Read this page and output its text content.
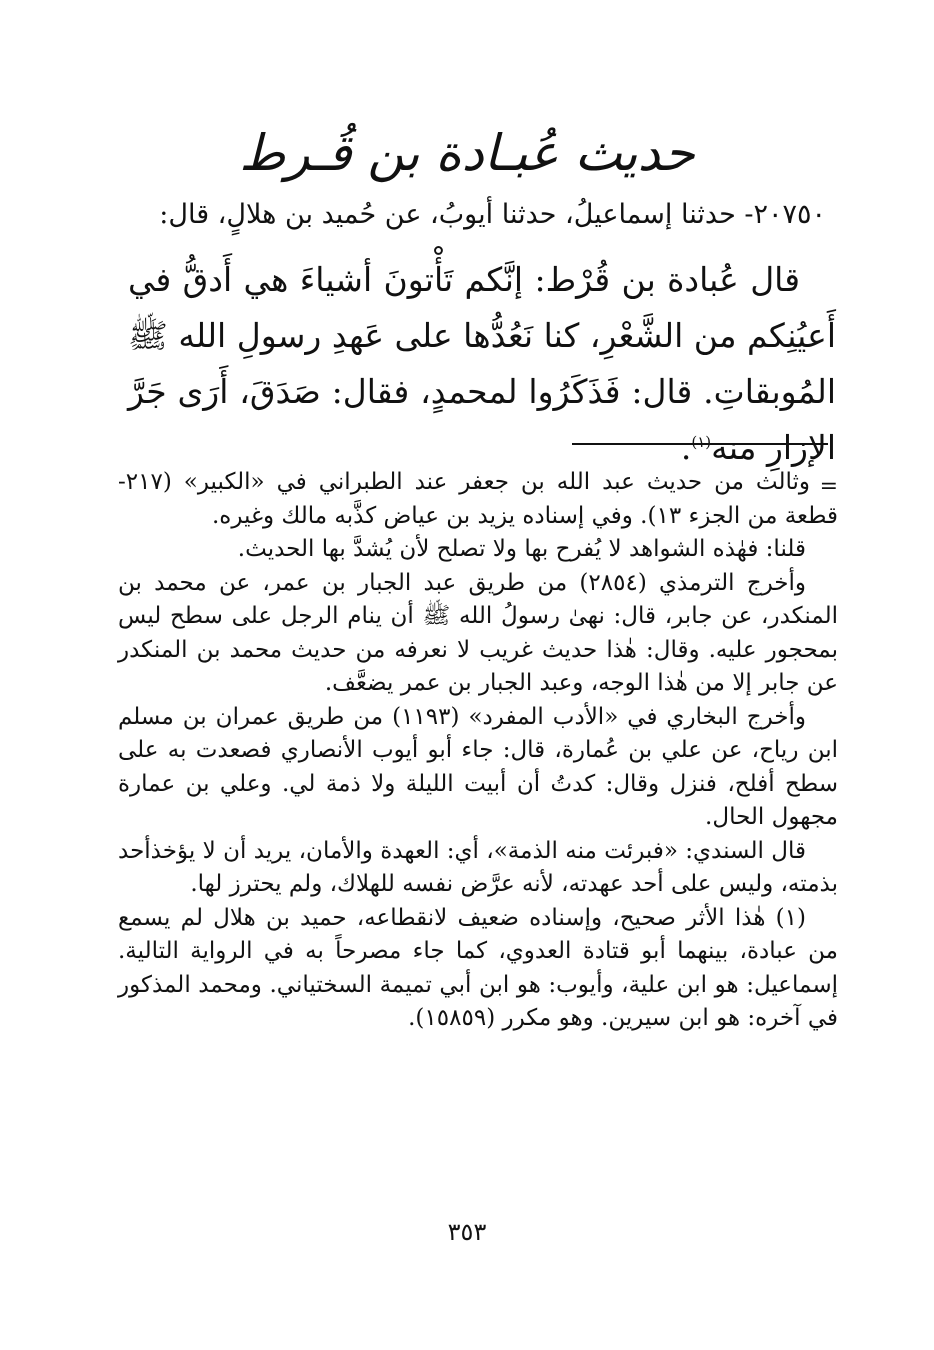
حديث عُبـادة بن قُـرط

٢٠٧٥٠- حدثنا إسماعيلُ، حدثنا أيوبُ، عن حُميد بن هلالٍ، قال:

قال عُبادة بن قُرْط: إنَّكم تَأْتونَ أشياءَ هي أَدقُّ في أَعيُنِكم من الشَّعْرِ، كنا نَعُدُّها على عَهدِ رسولِ الله ﷺ المُوبقاتِ. قال: فَذَكَرُوا لمحمدٍ، فقال: صَدَقَ، أَرَى جَرَّ الإزارِ منه$^{(١)}$.

=
وثالث من حديث عبد الله بن جعفر عند الطبراني في «الكبير» (٢١٧-قطعة من الجزء ١٣). وفي إسناده يزيد بن عياض كذَّبه مالك وغيره.

قلنا: فهٰذه الشواهد لا يُفرح بها ولا تصلح لأن يُشدَّ بها الحديث.

وأخرج الترمذي (٢٨٥٤) من طريق عبد الجبار بن عمر، عن محمد بن المنكدر، عن جابر، قال: نهىٰ رسولُ الله ﷺ أن ينام الرجل على سطح ليس بمحجور عليه. وقال: هٰذا حديث غريب لا نعرفه من حديث محمد بن المنكدر عن جابر إلا من هٰذا الوجه، وعبد الجبار بن عمر يضعَّف.

وأخرج البخاري في «الأدب المفرد» (١١٩٣) من طريق عمران بن مسلم ابن رياح، عن علي بن عُمارة، قال: جاء أبو أيوب الأنصاري فصعدت به على سطح أفلح، فنزل وقال: كدتُ أن أبيت الليلة ولا ذمة لي. وعلي بن عمارة مجهول الحال.

قال السندي: «فبرئت منه الذمة»، أي: العهدة والأمان، يريد أن لا يؤخذأحد بذمته، وليس على أحد عهدته، لأنه عرَّض نفسه للهلاك، ولم يحترز لها.

(١) هٰذا الأثر صحيح، وإسناده ضعيف لانقطاعه، حميد بن هلال لم يسمع من عبادة، بينهما أبو قتادة العدوي، كما جاء مصرحاً به في الرواية التالية. إسماعيل: هو ابن علية، وأيوب: هو ابن أبي تميمة السختياني. ومحمد المذكور في آخره: هو ابن سيرين. وهو مكرر (١٥٨٥٩).

٣٥٣
